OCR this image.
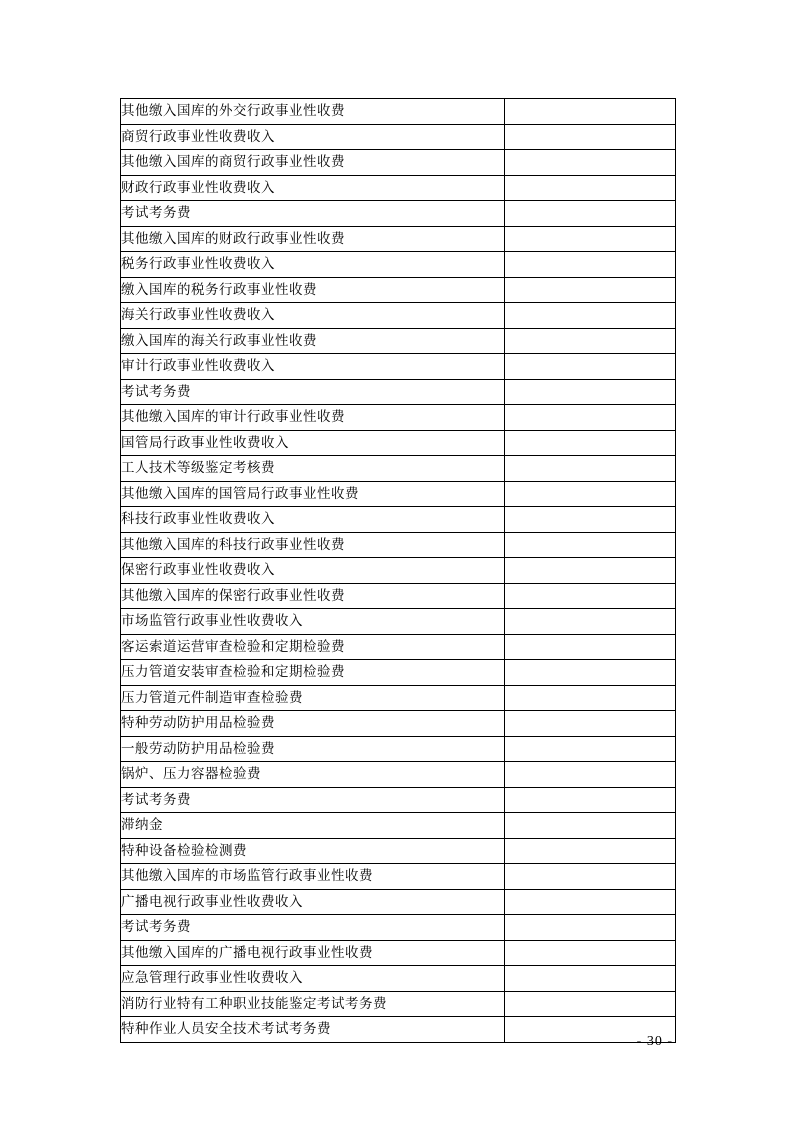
其他缴入国库的外交行政事业性收费	
商贸行政事业性收费收入	
其他缴入国库的商贸行政事业性收费	
财政行政事业性收费收入	
考试考务费	
其他缴入国库的财政行政事业性收费	
税务行政事业性收费收入	
缴入国库的税务行政事业性收费	
海关行政事业性收费收入	
缴入国库的海关行政事业性收费	
审计行政事业性收费收入	
考试考务费	
其他缴入国库的审计行政事业性收费	
国管局行政事业性收费收入	
工人技术等级鉴定考核费	
其他缴入国库的国管局行政事业性收费	
科技行政事业性收费收入	
其他缴入国库的科技行政事业性收费	
保密行政事业性收费收入	
其他缴入国库的保密行政事业性收费	
市场监管行政事业性收费收入	
客运索道运营审查检验和定期检验费	
压力管道安装审查检验和定期检验费	
压力管道元件制造审查检验费	
特种劳动防护用品检验费	
一般劳动防护用品检验费	
锅炉、压力容器检验费	
考试考务费	
滞纳金	
特种设备检验检测费	
其他缴入国库的市场监管行政事业性收费	
广播电视行政事业性收费收入	
考试考务费	
其他缴入国库的广播电视行政事业性收费	
应急管理行政事业性收费收入	
消防行业特有工种职业技能鉴定考试考务费	
特种作业人员安全技术考试考务费	
- 30 -
